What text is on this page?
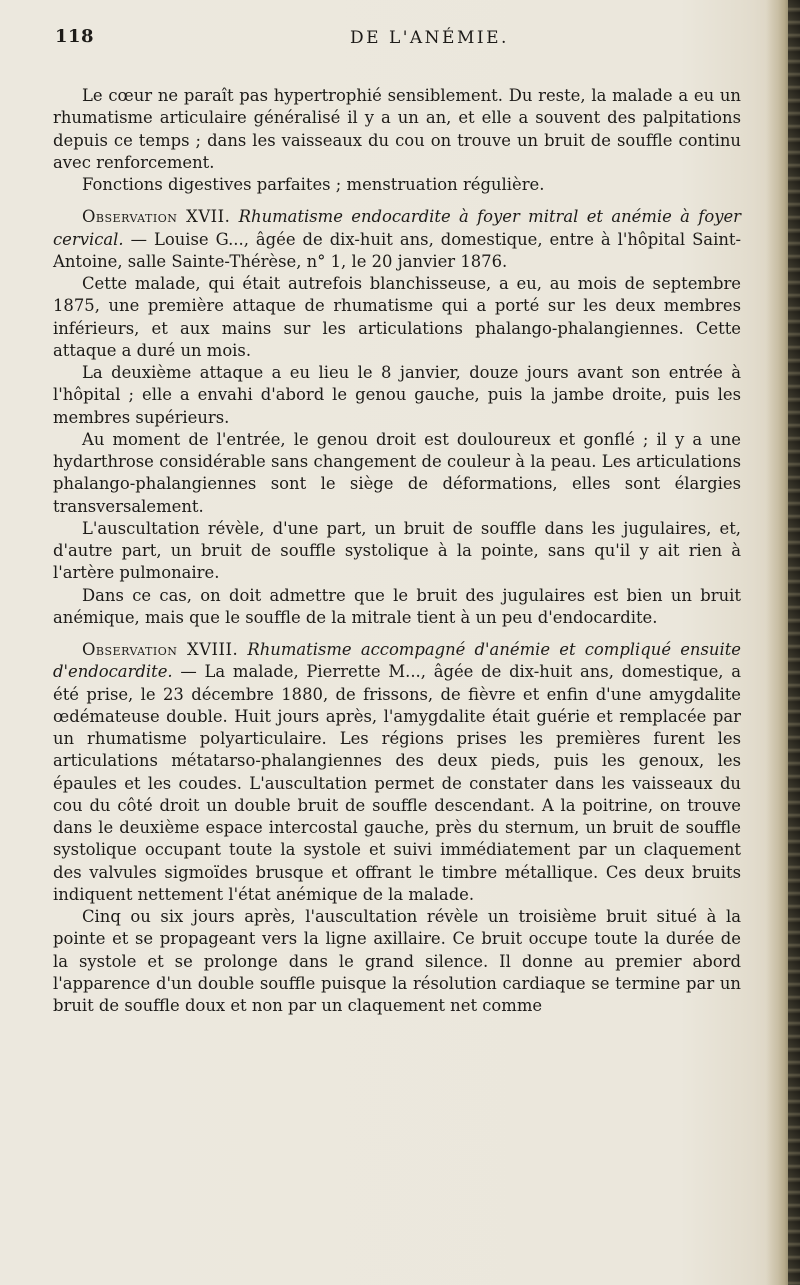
118	DE L'ANÉMIE.

Le cœur ne paraît pas hypertrophié sensiblement. Du reste, la malade a eu un rhumatisme articulaire généralisé il y a un an, et elle a souvent des palpitations depuis ce temps ; dans les vaisseaux du cou on trouve un bruit de souffle continu avec renforcement.

Fonctions digestives parfaites ; menstruation régulière.

Observation XVII. Rhumatisme endocardite à foyer mitral et anémie à foyer cervical. — Louise G..., âgée de dix-huit ans, domestique, entre à l'hôpital Saint-Antoine, salle Sainte-Thérèse, n° 1, le 20 janvier 1876.

Cette malade, qui était autrefois blanchisseuse, a eu, au mois de septembre 1875, une première attaque de rhumatisme qui a porté sur les deux membres inférieurs, et aux mains sur les articulations phalango-phalangiennes. Cette attaque a duré un mois.

La deuxième attaque a eu lieu le 8 janvier, douze jours avant son entrée à l'hôpital ; elle a envahi d'abord le genou gauche, puis la jambe droite, puis les membres supérieurs.

Au moment de l'entrée, le genou droit est douloureux et gonflé ; il y a une hydarthrose considérable sans changement de couleur à la peau. Les articulations phalango-phalangiennes sont le siège de déformations, elles sont élargies transversalement.

L'auscultation révèle, d'une part, un bruit de souffle dans les jugulaires, et, d'autre part, un bruit de souffle systolique à la pointe, sans qu'il y ait rien à l'artère pulmonaire.

Dans ce cas, on doit admettre que le bruit des jugulaires est bien un bruit anémique, mais que le souffle de la mitrale tient à un peu d'endocardite.

Observation XVIII. Rhumatisme accompagné d'anémie et compliqué ensuite d'endocardite. — La malade, Pierrette M..., âgée de dix-huit ans, domestique, a été prise, le 23 décembre 1880, de frissons, de fièvre et enfin d'une amygdalite œdémateuse double. Huit jours après, l'amygdalite était guérie et remplacée par un rhumatisme polyarticulaire. Les régions prises les premières furent les articulations métatarso-phalangiennes des deux pieds, puis les genoux, les épaules et les coudes. L'auscultation permet de constater dans les vaisseaux du cou du côté droit un double bruit de souffle descendant. A la poitrine, on trouve dans le deuxième espace intercostal gauche, près du sternum, un bruit de souffle systolique occupant toute la systole et suivi immédiatement par un claquement des valvules sigmoïdes brusque et offrant le timbre métallique. Ces deux bruits indiquent nettement l'état anémique de la malade.

Cinq ou six jours après, l'auscultation révèle un troisième bruit situé à la pointe et se propageant vers la ligne axillaire. Ce bruit occupe toute la durée de la systole et se prolonge dans le grand silence. Il donne au premier abord l'apparence d'un double souffle puisque la résolution cardiaque se termine par un bruit de souffle doux et non par un claquement net comme
